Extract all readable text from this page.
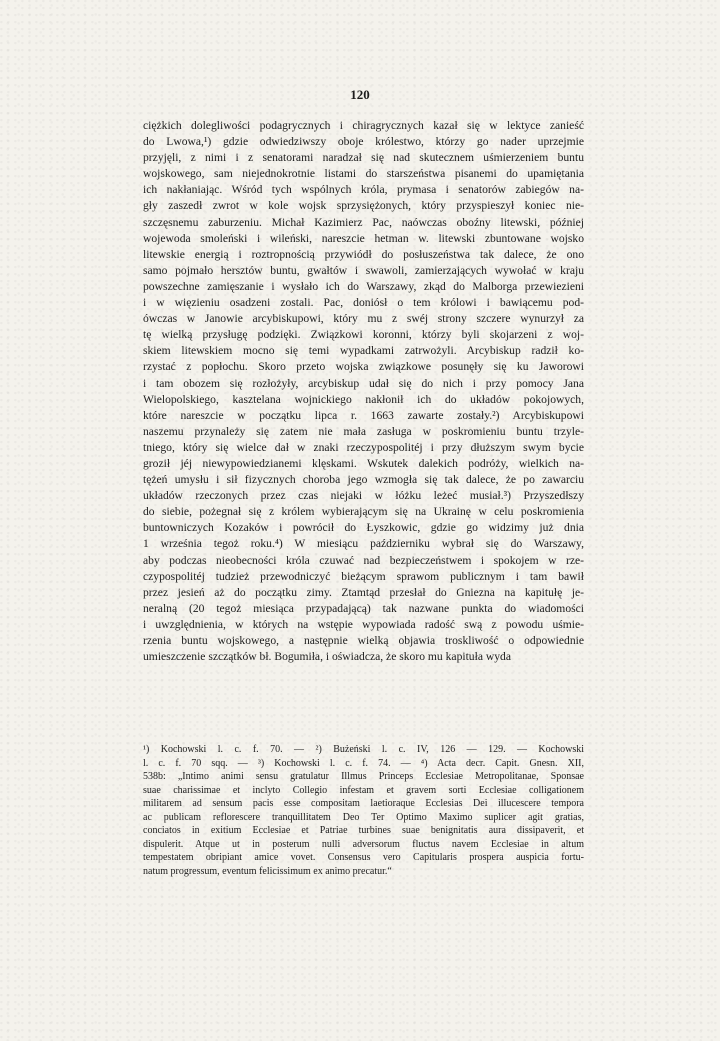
120
ciężkich dolegliwości podagrycznych i chiragrycznych kazał się w lektyce zanieść
do Lwowa,¹) gdzie odwiedziwszy oboje królestwo, którzy go nader uprzejmie
przyjęli, z nimi i z senatorami naradzał się nad skutecznem uśmierzeniem buntu
wojskowego, sam niejednokrotnie listami do starszeństwa pisanemi do upamiętania
ich nakłaniając. Wśród tych wspólnych króla, prymasa i senatorów zabiegów na-
gły zaszedł zwrot w kole wojsk sprzysiężonych, który przyspieszył koniec nie-
szczęsnemu zaburzeniu. Michał Kazimierz Pac, naówczas oboźny litewski, później
wojewoda smoleński i wileński, nareszcie hetman w. litewski zbuntowane wojsko
litewskie energią i roztropnością przywiódł do posłuszeństwa tak dalece, że ono
samo pojmało hersztów buntu, gwałtów i swawoli, zamierzających wywołać w kraju
powszechne zamięszanie i wysłało ich do Warszawy, zkąd do Malborga przewiezieni
i w więzieniu osadzeni zostali. Pac, doniósł o tem królowi i bawiącemu pod-
ówczas w Janowie arcybiskupowi, który mu z swéj strony szczere wynurzył za
tę wielką przysługę podzięki. Związkowi koronni, którzy byli skojarzeni z woj-
skiem litewskiem mocno się temi wypadkami zatrwożyli. Arcybiskup radził ko-
rzystać z popłochu. Skoro przeto wojska związkowe posunęły się ku Jaworowi
i tam obozem się rozłożyły, arcybiskup udał się do nich i przy pomocy Jana
Wielopolskiego, kasztelana wojnickiego nakłonił ich do układów pokojowych,
które nareszcie w początku lipca r. 1663 zawarte zostały.²) Arcybiskupowi
naszemu przynależy się zatem nie mała zasługa w poskromieniu buntu trzyle-
tniego, który się wielce dał w znaki rzeczypospolitéj i przy dłuższym swym bycie
groził jéj niewypowiedzianemi klęskami. Wskutek dalekich podróży, wielkich na-
tężeń umysłu i sił fizycznych choroba jego wzmogła się tak dalece, że po zawarciu
układów rzeczonych przez czas niejaki w łóżku leżeć musiał.³) Przyszedłszy
do siebie, pożegnał się z królem wybierającym się na Ukrainę w celu poskromienia
buntowniczych Kozaków i powrócił do Łyszkowic, gdzie go widzimy już dnia
1 września tegoż roku.⁴) W miesiącu październiku wybrał się do Warszawy,
aby podczas nieobecności króla czuwać nad bezpieczeństwem i spokojem w rze-
czypospolitéj tudzież przewodniczyć bieżącym sprawom publicznym i tam bawił
przez jesień aż do początku zimy. Ztamtąd przesłał do Gniezna na kapitułę je-
neralną (20 tegoż miesiąca przypadającą) tak nazwane punkta do wiadomości
i uwzględnienia, w których na wstępie wypowiada radość swą z powodu uśmie-
rzenia buntu wojskowego, a następnie wielką objawia troskliwość o odpowiednie
umieszczenie szczątków bł. Bogumiła, i oświadcza, że skoro mu kapituła wyda
¹) Kochowski l. c. f. 70. — ²) Bużeński l. c. IV, 126 — 129. — Kochowski
l. c. f. 70 sqq. — ³) Kochowski l. c. f. 74. — ⁴) Acta decr. Capit. Gnesn. XII,
538b: „Intimo animi sensu gratulatur Illmus Princeps Ecclesiae Metropolitanae, Sponsae
suae charissimae et inclyto Collegio infestam et gravem sorti Ecclesiae colligationem
militarem ad sensum pacis esse compositam laetioraque Ecclesias Dei illucescere tempora
ac publicam reflorescere tranquillitatem Deo Ter Optimo Maximo suplicer agit gratias,
conciatos in exitium Ecclesiae et Patriae turbines suae benignitatis aura dissipaverit, et
dispulerit. Atque ut in posterum nulli adversorum fluctus navem Ecclesiae in altum
tempestatem obripiant amice vovet. Consensus vero Capitularis prospera auspicia fortu-
natum progressum, eventum felicissimum ex animo precatur.“
